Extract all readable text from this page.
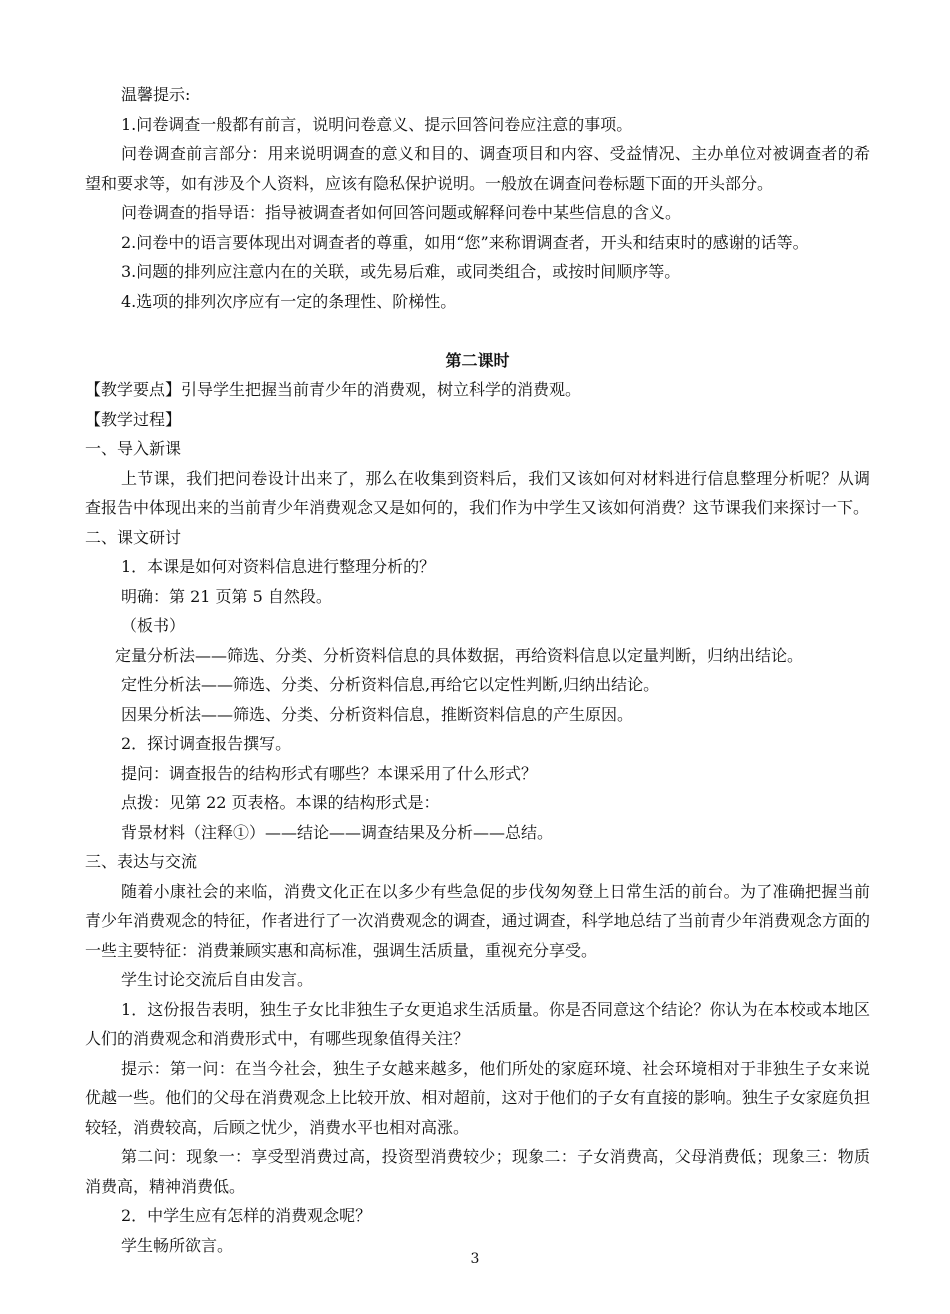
温馨提示:

1.问卷调查一般都有前言，说明问卷意义、提示回答问卷应注意的事项。

问卷调查前言部分：用来说明调查的意义和目的、调查项目和内容、受益情况、主办单位对被调查者的希望和要求等，如有涉及个人资料，应该有隐私保护说明。一般放在调查问卷标题下面的开头部分。

问卷调查的指导语：指导被调查者如何回答问题或解释问卷中某些信息的含义。

2.问卷中的语言要体现出对调查者的尊重，如用“您”来称谓调查者，开头和结束时的感谢的话等。

3.问题的排列应注意内在的关联，或先易后难，或同类组合，或按时间顺序等。

4.选项的排列次序应有一定的条理性、阶梯性。

第二课时

【教学要点】引导学生把握当前青少年的消费观，树立科学的消费观。

【教学过程】

一、导入新课

上节课，我们把问卷设计出来了，那么在收集到资料后，我们又该如何对材料进行信息整理分析呢？从调查报告中体现出来的当前青少年消费观念又是如何的，我们作为中学生又该如何消费？这节课我们来探讨一下。

二、课文研讨

1．本课是如何对资料信息进行整理分析的？

明确：第 21 页第 5 自然段。

（板书）

定量分析法——筛选、分类、分析资料信息的具体数据，再给资料信息以定量判断，归纳出结论。

定性分析法——筛选、分类、分析资料信息,再给它以定性判断,归纳出结论。

因果分析法——筛选、分类、分析资料信息，推断资料信息的产生原因。

2．探讨调查报告撰写。

提问：调查报告的结构形式有哪些？本课采用了什么形式？

点拨：见第 22 页表格。本课的结构形式是：

背景材料（注释①）——结论——调查结果及分析——总结。

三、表达与交流

随着小康社会的来临，消费文化正在以多少有些急促的步伐匆匆登上日常生活的前台。为了准确把握当前青少年消费观念的特征，作者进行了一次消费观念的调查，通过调查，科学地总结了当前青少年消费观念方面的一些主要特征：消费兼顾实惠和高标准，强调生活质量，重视充分享受。

学生讨论交流后自由发言。

1．这份报告表明，独生子女比非独生子女更追求生活质量。你是否同意这个结论？你认为在本校或本地区人们的消费观念和消费形式中，有哪些现象值得关注？

提示：第一问：在当今社会，独生子女越来越多，他们所处的家庭环境、社会环境相对于非独生子女来说优越一些。他们的父母在消费观念上比较开放、相对超前，这对于他们的子女有直接的影响。独生子女家庭负担较轻，消费较高，后顾之忧少，消费水平也相对高涨。

第二问：现象一：享受型消费过高，投资型消费较少；现象二：子女消费高，父母消费低；现象三：物质消费高，精神消费低。

2．中学生应有怎样的消费观念呢？

学生畅所欲言。

3
